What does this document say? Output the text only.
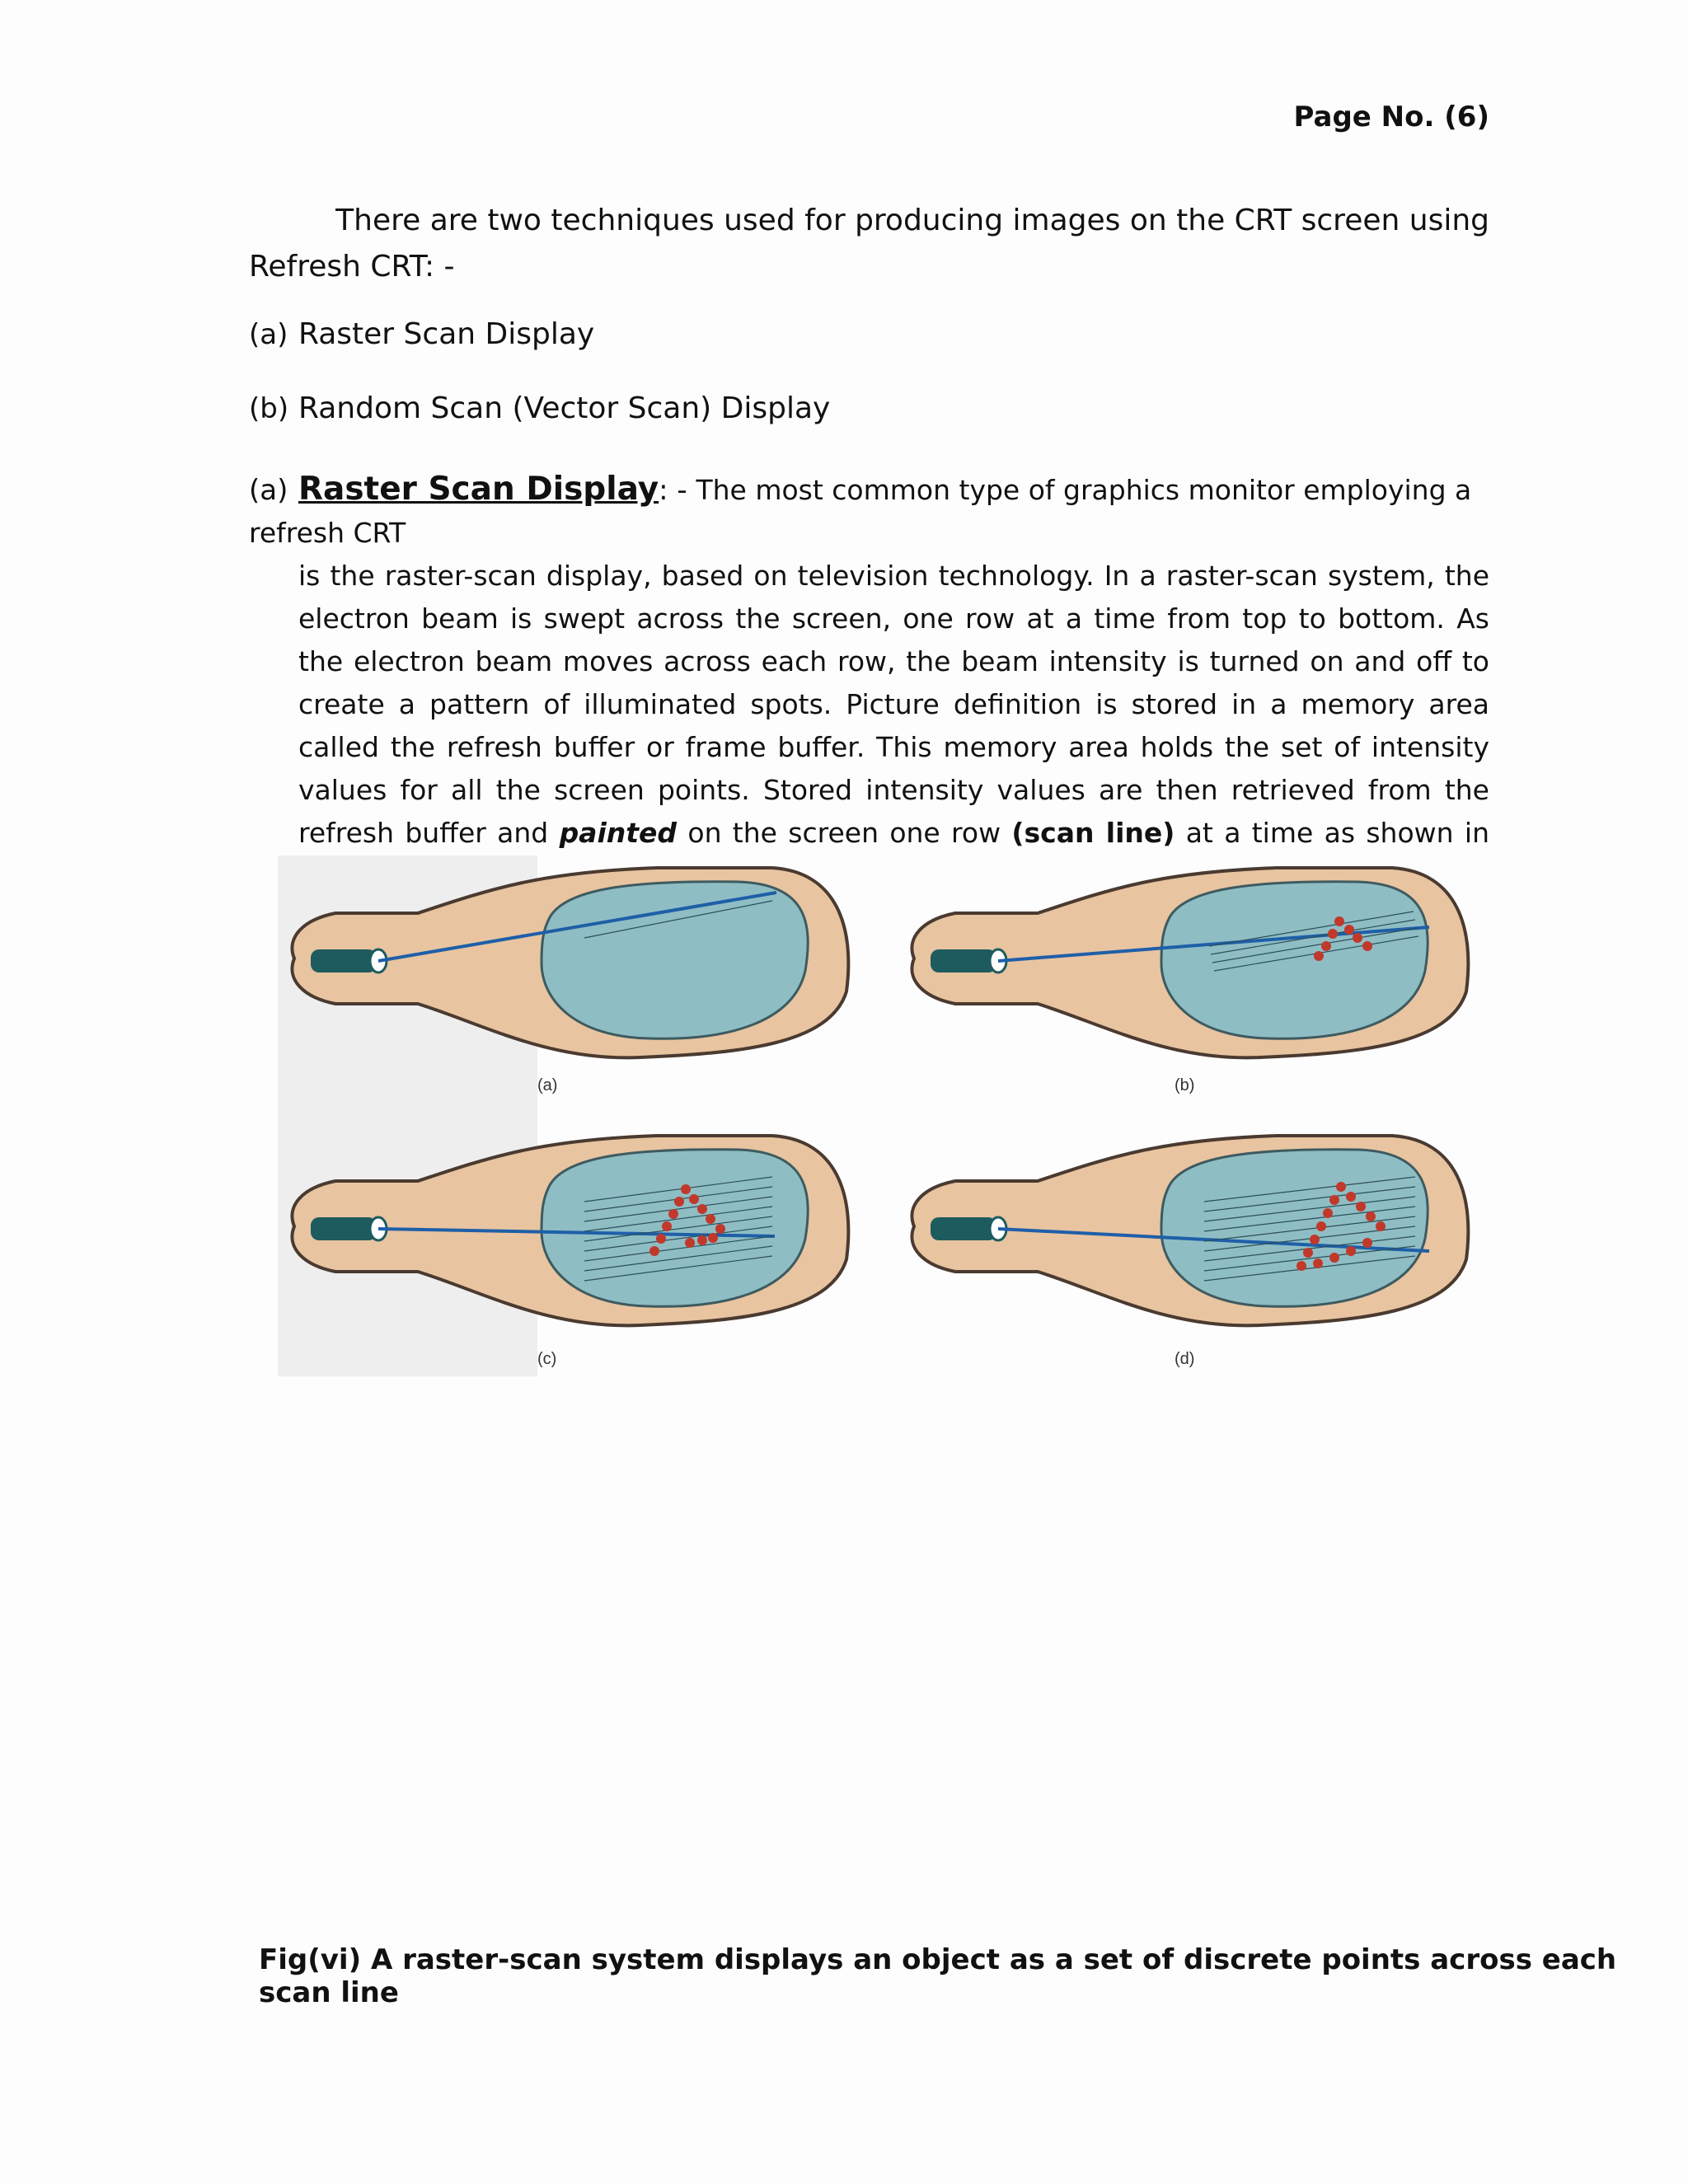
Page No. (6)
There are two techniques used for producing images on the CRT screen using
Refresh CRT: -
(a) Raster Scan Display
(b) Random Scan (Vector Scan) Display
(a) Raster Scan Display: - The most common type of graphics monitor employing a refresh CRT
is the raster-scan display, based on television technology. In a raster-scan system, the electron beam is swept across the screen, one row at a time from top to bottom. As the electron beam moves across each row, the beam intensity is turned on and off to create a pattern of illuminated spots. Picture definition is stored in a memory area called the refresh buffer or frame buffer. This memory area holds the set of intensity values for all the screen points. Stored intensity values are then retrieved from the refresh buffer and painted on the screen one row (scan line) at a time as shown in
(a)	(b)
(c)	(d)
Fig(vi) A raster-scan system displays an object as a set of discrete points across each scan line
